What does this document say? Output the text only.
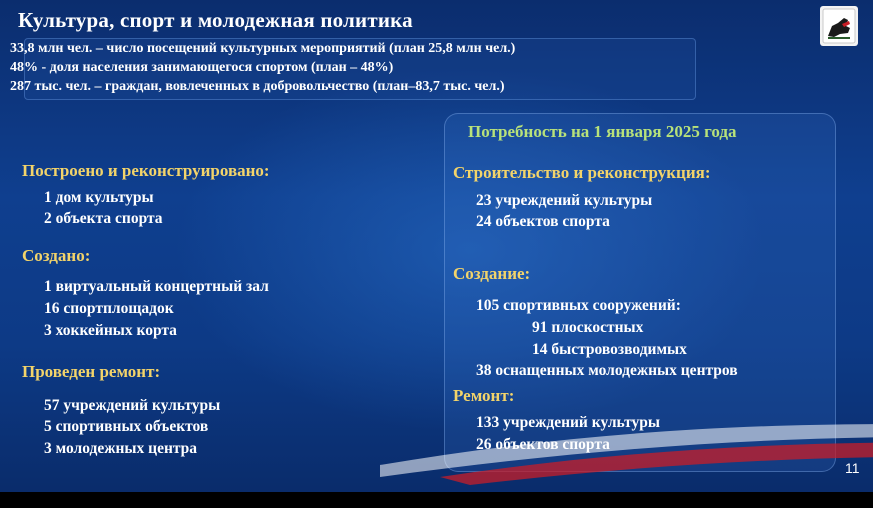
Культура, спорт и молодежная политика
33,8 млн чел. – число посещений культурных мероприятий (план 25,8 млн чел.)
48% - доля населения занимающегося спортом (план – 48%)
287 тыс. чел. – граждан, вовлеченных в добровольчество (план–83,7 тыс. чел.)
Построено и реконструировано:
1 дом культуры
2 объекта спорта
Создано:
1 виртуальный концертный зал
16 спортплощадок
3 хоккейных корта
Проведен ремонт:
57 учреждений культуры
5 спортивных объектов
3 молодежных центра
Потребность на 1 января 2025 года
Строительство и реконструкция:
23 учреждений культуры
24 объектов спорта
Создание:
105 спортивных сооружений:
91 плоскостных
14 быстровозводимых
38 оснащенных молодежных центров
Ремонт:
133 учреждений культуры
26 объектов спорта
11
